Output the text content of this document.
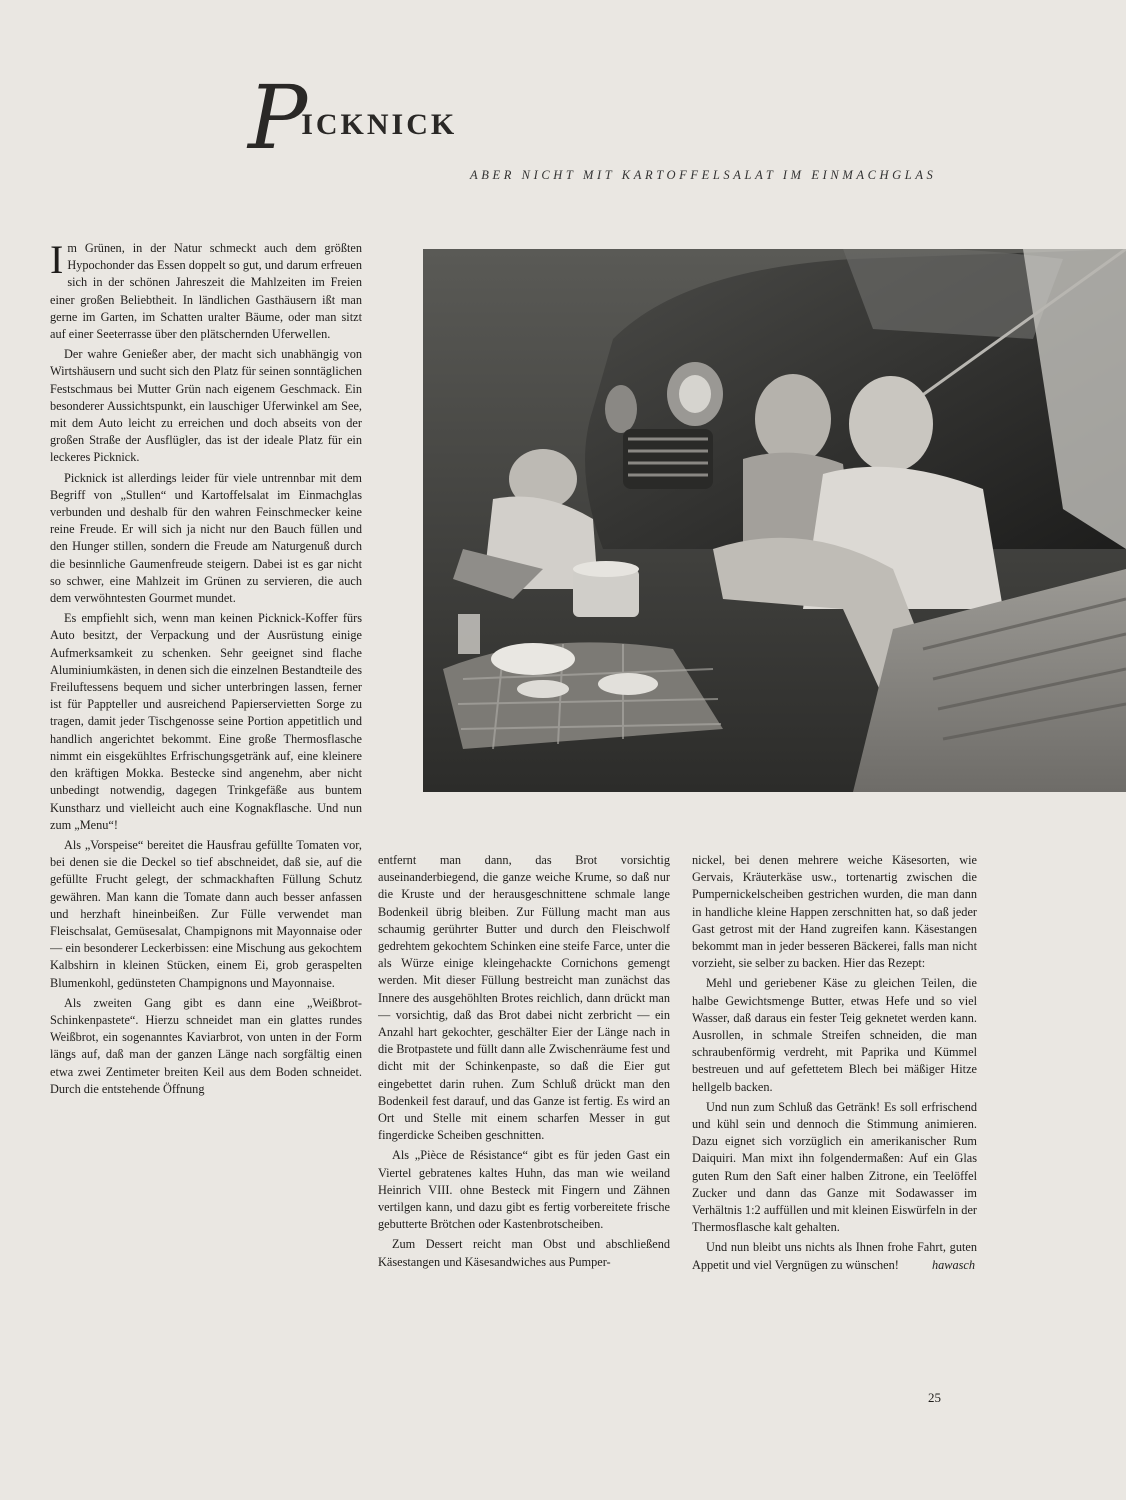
P
ICKNICK
ABER NICHT MIT KARTOFFELSALAT IM EINMACHGLAS

Im Grünen, in der Natur schmeckt auch dem größten Hypochonder das Essen doppelt so gut, und darum erfreuen sich in der schönen Jahreszeit die Mahlzeiten im Freien einer großen Beliebtheit. In ländlichen Gasthäusern ißt man gerne im Garten, im Schatten uralter Bäume, oder man sitzt auf einer Seeterrasse über den plätschernden Uferwellen.

Der wahre Genießer aber, der macht sich unabhängig von Wirtshäusern und sucht sich den Platz für seinen sonntäglichen Festschmaus bei Mutter Grün nach eigenem Geschmack. Ein besonderer Aussichtspunkt, ein lauschiger Uferwinkel am See, mit dem Auto leicht zu erreichen und doch abseits von der großen Straße der Ausflügler, das ist der ideale Platz für ein leckeres Picknick.

Picknick ist allerdings leider für viele untrennbar mit dem Begriff von „Stullen“ und Kartoffelsalat im Einmachglas verbunden und deshalb für den wahren Feinschmecker keine reine Freude. Er will sich ja nicht nur den Bauch füllen und den Hunger stillen, sondern die Freude am Naturgenuß durch die besinnliche Gaumenfreude steigern. Dabei ist es gar nicht so schwer, eine Mahlzeit im Grünen zu servieren, die auch dem verwöhntesten Gourmet mundet.

Es empfiehlt sich, wenn man keinen Picknick-Koffer fürs Auto besitzt, der Verpackung und der Ausrüstung einige Aufmerksamkeit zu schenken. Sehr geeignet sind flache Aluminiumkästen, in denen sich die einzelnen Bestandteile des Freiluftessens bequem und sicher unterbringen lassen, ferner ist für Pappteller und ausreichend Papierservietten Sorge zu tragen, damit jeder Tischgenosse seine Portion appetitlich und handlich angerichtet bekommt. Eine große Thermosflasche nimmt ein eisgekühltes Erfrischungsgetränk auf, eine kleinere den kräftigen Mokka. Bestecke sind angenehm, aber nicht unbedingt notwendig, dagegen Trinkgefäße aus buntem Kunstharz und vielleicht auch eine Kognakflasche. Und nun zum „Menu“!

Als „Vorspeise“ bereitet die Hausfrau gefüllte Tomaten vor, bei denen sie die Deckel so tief abschneidet, daß sie, auf die gefüllte Frucht gelegt, der schmackhaften Füllung Schutz gewähren. Man kann die Tomate dann auch besser anfassen und herzhaft hineinbeißen. Zur Fülle verwendet man Fleischsalat, Gemüsesalat, Champignons mit Mayonnaise oder — ein besonderer Leckerbissen: eine Mischung aus gekochtem Kalbshirn in kleinen Stücken, einem Ei, grob geraspelten Blumenkohl, gedünsteten Champignons und Mayonnaise.

Als zweiten Gang gibt es dann eine „Weißbrot-Schinkenpastete“. Hierzu schneidet man ein glattes rundes Weißbrot, ein sogenanntes Kaviarbrot, von unten in der Form längs auf, daß man der ganzen Länge nach sorgfältig einen etwa zwei Zentimeter breiten Keil aus dem Boden schneidet. Durch die entstehende Öffnung

entfernt man dann, das Brot vorsichtig auseinanderbiegend, die ganze weiche Krume, so daß nur die Kruste und der herausgeschnittene schmale lange Bodenkeil übrig bleiben. Zur Füllung macht man aus schaumig gerührter Butter und durch den Fleischwolf gedrehtem gekochtem Schinken eine steife Farce, unter die als Würze einige kleingehackte Cornichons gemengt werden. Mit dieser Füllung bestreicht man zunächst das Innere des ausgehöhlten Brotes reichlich, dann drückt man — vorsichtig, daß das Brot dabei nicht zerbricht — ein Anzahl hart gekochter, geschälter Eier der Länge nach in die Brotpastete und füllt dann alle Zwischenräume fest und dicht mit der Schinkenpaste, so daß die Eier gut eingebettet darin ruhen. Zum Schluß drückt man den Bodenkeil fest darauf, und das Ganze ist fertig. Es wird an Ort und Stelle mit einem scharfen Messer in gut fingerdicke Scheiben geschnitten.

Als „Pièce de Résistance“ gibt es für jeden Gast ein Viertel gebratenes kaltes Huhn, das man wie weiland Heinrich VIII. ohne Besteck mit Fingern und Zähnen vertilgen kann, und dazu gibt es fertig vorbereitete frische gebutterte Brötchen oder Kastenbrotscheiben.

Zum Dessert reicht man Obst und abschließend Käsestangen und Käsesandwiches aus Pumper-

nickel, bei denen mehrere weiche Käsesorten, wie Gervais, Kräuterkäse usw., tortenartig zwischen die Pumpernickelscheiben gestrichen wurden, die man dann in handliche kleine Happen zerschnitten hat, so daß jeder Gast getrost mit der Hand zugreifen kann. Käsestangen bekommt man in jeder besseren Bäckerei, falls man nicht vorzieht, sie selber zu backen. Hier das Rezept:

Mehl und geriebener Käse zu gleichen Teilen, die halbe Gewichtsmenge Butter, etwas Hefe und so viel Wasser, daß daraus ein fester Teig geknetet werden kann. Ausrollen, in schmale Streifen schneiden, die man schraubenförmig verdreht, mit Paprika und Kümmel bestreuen und auf gefettetem Blech bei mäßiger Hitze hellgelb backen.

Und nun zum Schluß das Getränk! Es soll erfrischend und kühl sein und dennoch die Stimmung animieren. Dazu eignet sich vorzüglich ein amerikanischer Rum Daiquiri. Man mixt ihn folgendermaßen: Auf ein Glas guten Rum den Saft einer halben Zitrone, ein Teelöffel Zucker und dann das Ganze mit Sodawasser im Verhältnis 1:2 auffüllen und mit kleinen Eiswürfeln in der Thermosflasche kalt gehalten.

Und nun bleibt uns nichts als Ihnen frohe Fahrt, guten Appetit und viel Vergnügen zu wünschen!	hawasch

25
